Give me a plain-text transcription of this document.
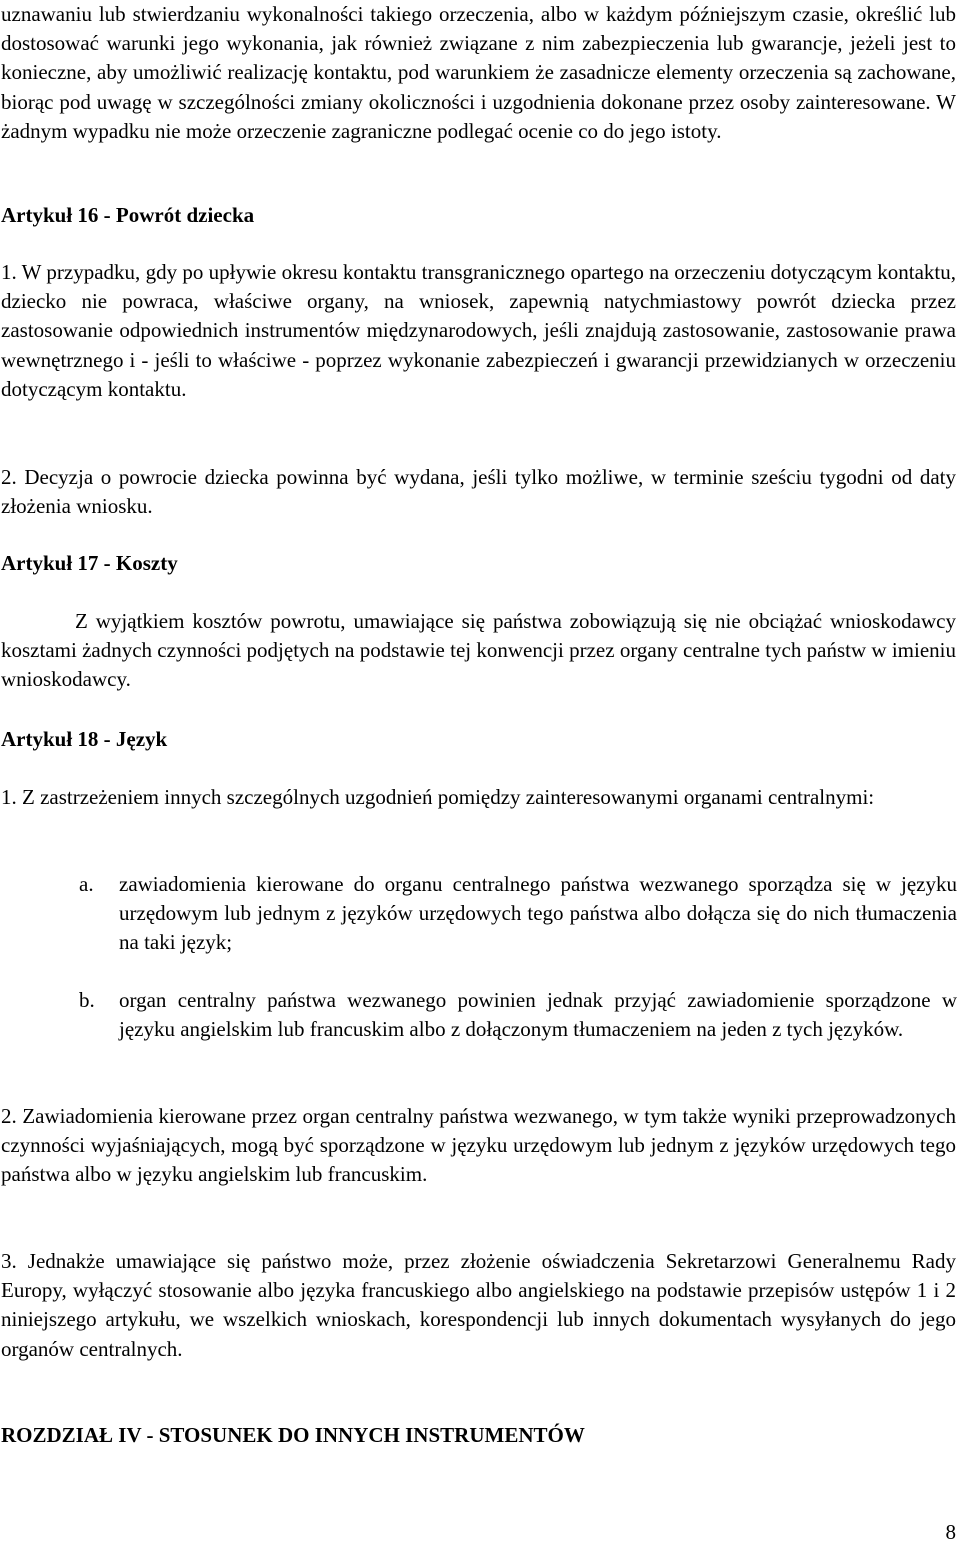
uznawaniu lub stwierdzaniu wykonalności takiego orzeczenia, albo w każdym późniejszym czasie, określić lub dostosować warunki jego wykonania, jak również związane z nim zabezpieczenia lub gwarancje, jeżeli jest to konieczne, aby umożliwić realizację kontaktu, pod warunkiem że zasadnicze elementy orzeczenia są zachowane, biorąc pod uwagę w szczególności zmiany okoliczności i uzgodnienia dokonane przez osoby zainteresowane. W żadnym wypadku nie może orzeczenie zagraniczne podlegać ocenie co do jego istoty.

Artykuł 16 - Powrót dziecka

1. W przypadku, gdy po upływie okresu kontaktu transgranicznego opartego na orzeczeniu dotyczącym kontaktu, dziecko nie powraca, właściwe organy, na wniosek, zapewnią natychmiastowy powrót dziecka przez zastosowanie odpowiednich instrumentów międzynarodowych, jeśli znajdują zastosowanie, zastosowanie prawa wewnętrznego i - jeśli to właściwe - poprzez wykonanie zabezpieczeń i gwarancji przewidzianych w orzeczeniu dotyczącym kontaktu.

2. Decyzja o powrocie dziecka powinna być wydana, jeśli tylko możliwe, w terminie sześciu tygodni od daty złożenia wniosku.

Artykuł 17 - Koszty

Z wyjątkiem kosztów powrotu, umawiające się państwa zobowiązują się nie obciążać wnioskodawcy kosztami żadnych czynności podjętych na podstawie tej konwencji przez organy centralne tych państw w imieniu wnioskodawcy.

Artykuł 18 - Język

1. Z zastrzeżeniem innych szczególnych uzgodnień pomiędzy zainteresowanymi organami centralnymi:

a. zawiadomienia kierowane do organu centralnego państwa wezwanego sporządza się w języku urzędowym lub jednym z języków urzędowych tego państwa albo dołącza się do nich tłumaczenia na taki język;
b. organ centralny państwa wezwanego powinien jednak przyjąć zawiadomienie sporządzone w języku angielskim lub francuskim albo z dołączonym tłumaczeniem na jeden z tych języków.

2. Zawiadomienia kierowane przez organ centralny państwa wezwanego, w tym także wyniki przeprowadzonych czynności wyjaśniających, mogą być sporządzone w języku urzędowym lub jednym z języków urzędowych tego państwa albo w języku angielskim lub francuskim.

3. Jednakże umawiające się państwo może, przez złożenie oświadczenia Sekretarzowi Generalnemu Rady Europy, wyłączyć stosowanie albo języka francuskiego albo angielskiego na podstawie przepisów ustępów 1 i 2 niniejszego artykułu, we wszelkich wnioskach, korespondencji lub innych dokumentach wysyłanych do jego organów centralnych.

ROZDZIAŁ IV - STOSUNEK DO INNYCH INSTRUMENTÓW
8
